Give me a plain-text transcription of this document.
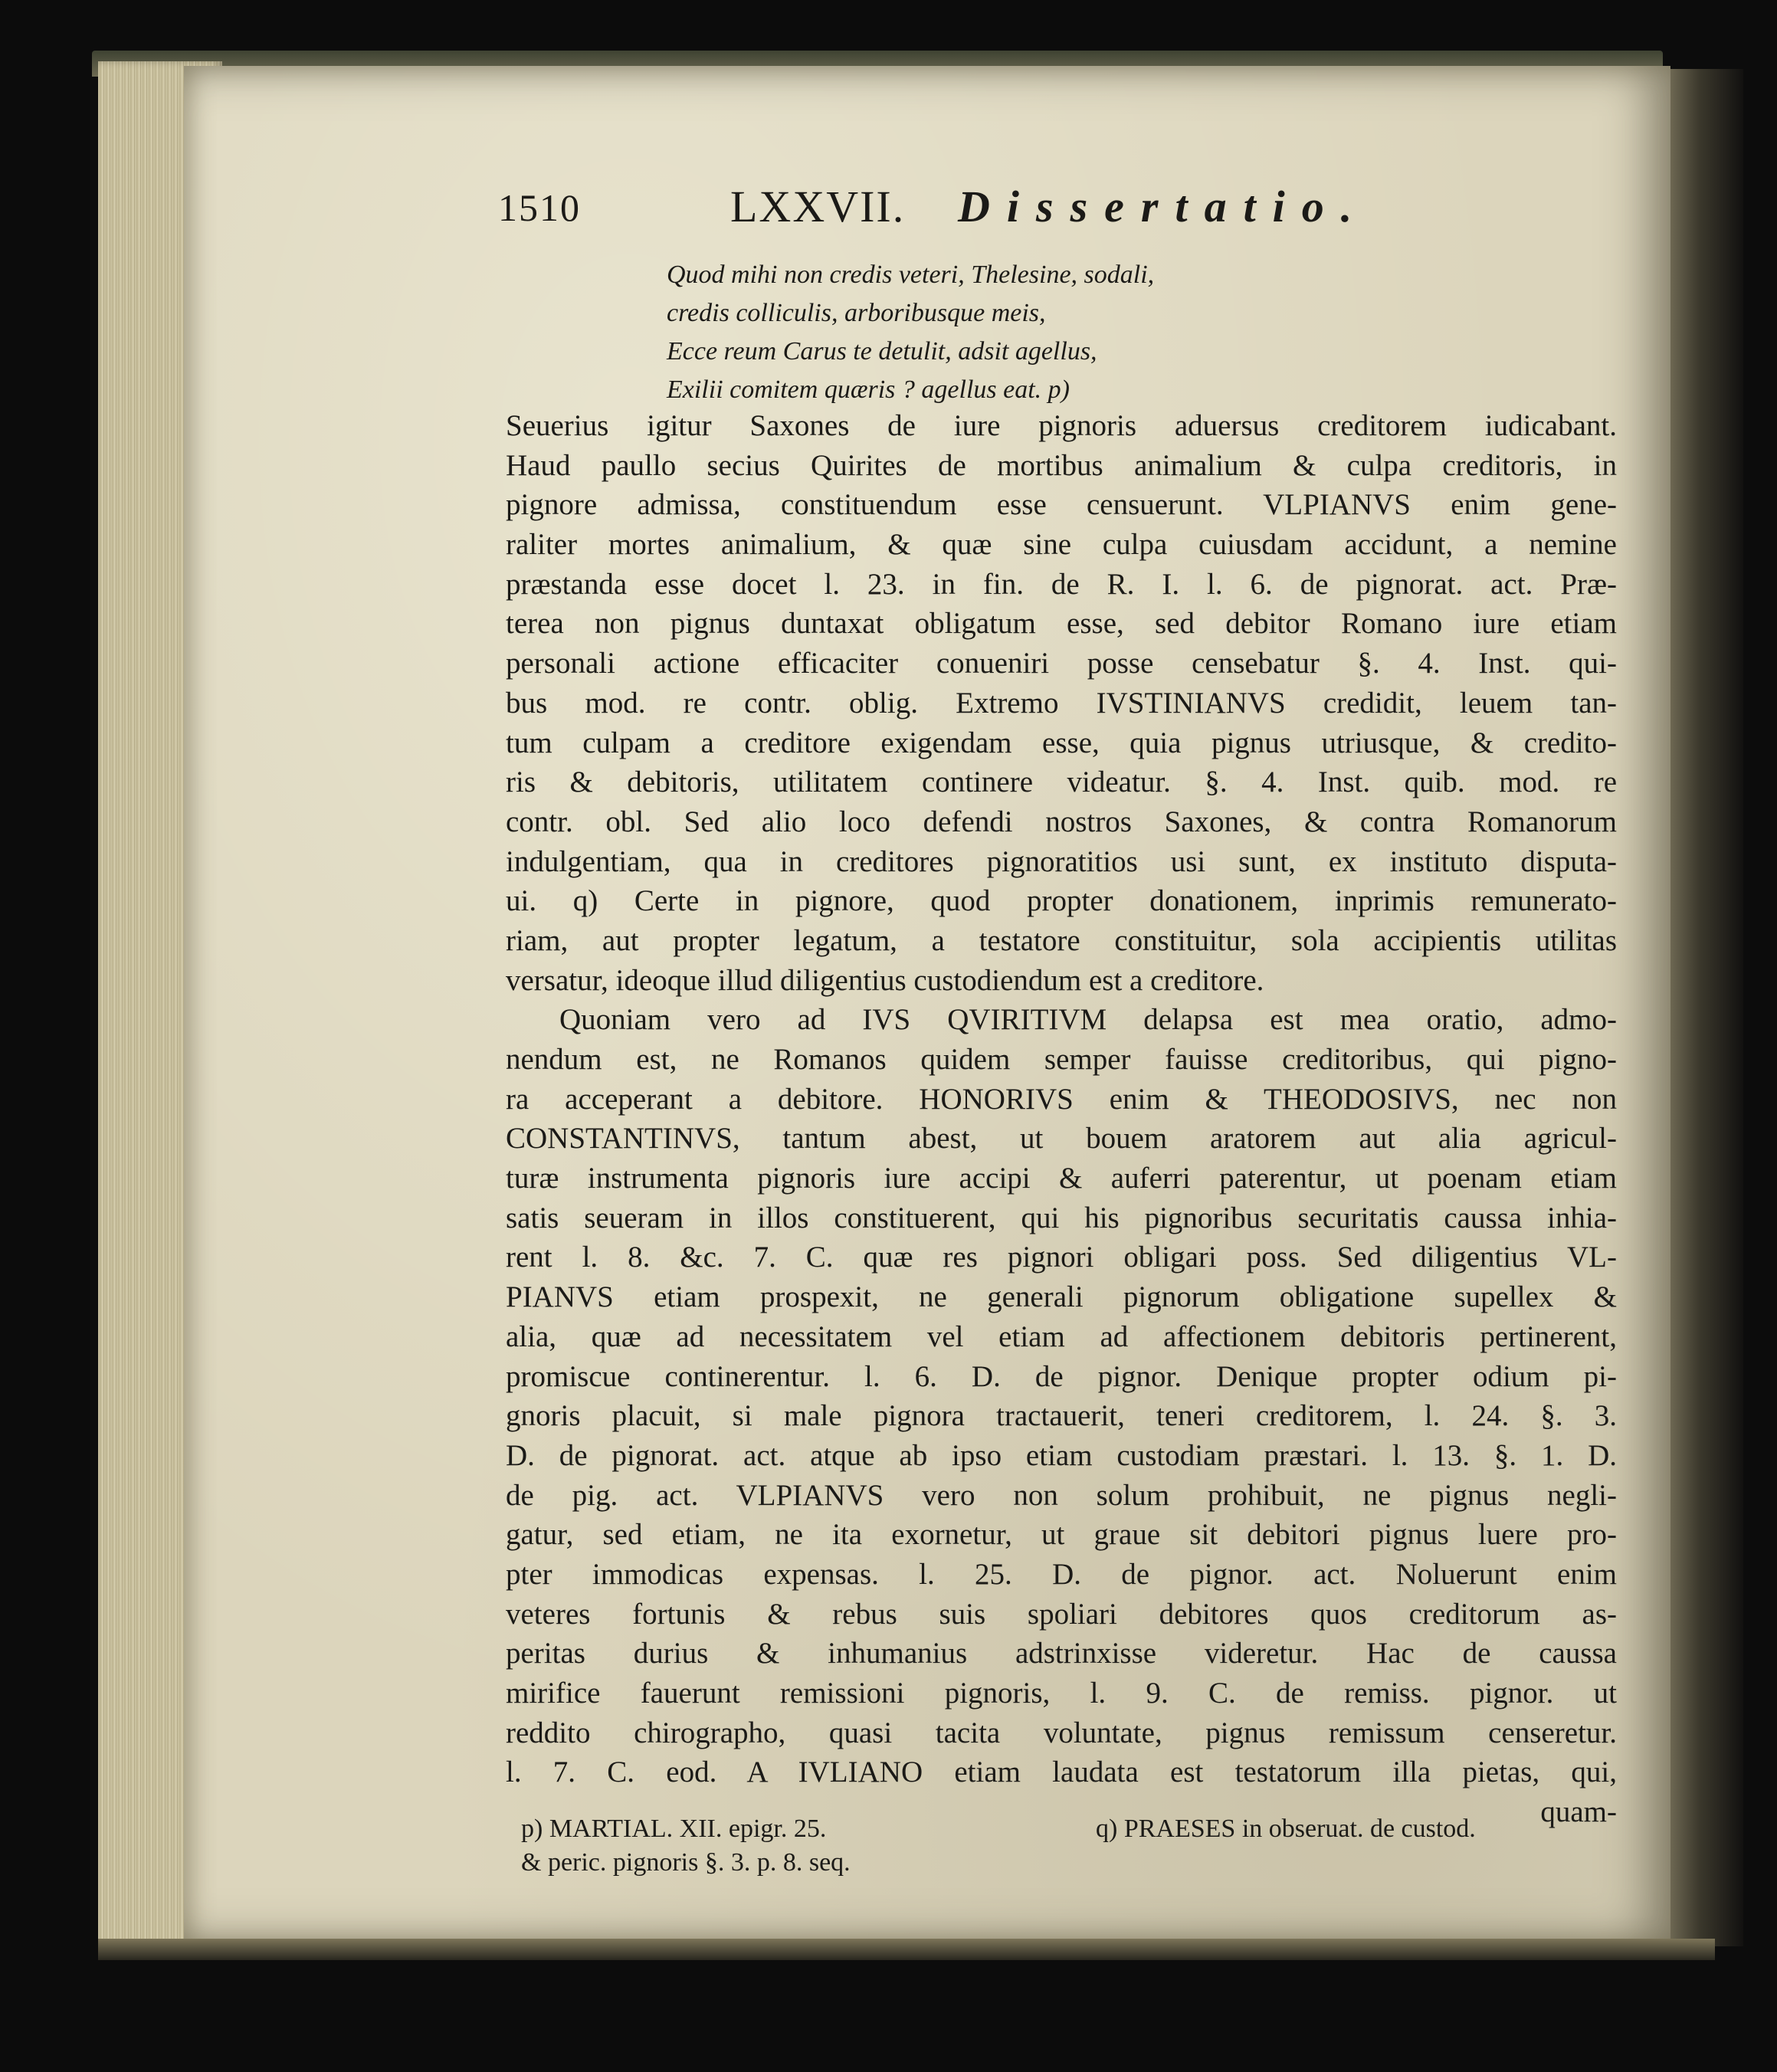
1510	LXXVII. Dissertatio.
Quod mihi non credis veteri, Thelesine, sodali,
credis colliculis, arboribusque meis,
Ecce reum Carus te detulit, adsit agellus,
Exilii comitem quæris ? agellus eat. p)
Seuerius igitur Saxones de iure pignoris aduersus creditorem iudicabant.
Haud paullo secius Quirites de mortibus animalium & culpa creditoris, in
pignore admissa, constituendum esse censuerunt. VLPIANVS enim gene-
raliter mortes animalium, & quæ sine culpa cuiusdam accidunt, a nemine
præstanda esse docet l. 23. in fin. de R. I. l. 6. de pignorat. act. Præ-
terea non pignus duntaxat obligatum esse, sed debitor Romano iure etiam
personali actione efficaciter conueniri posse censebatur §. 4. Inst. qui-
bus mod. re contr. oblig. Extremo IVSTINIANVS credidit, leuem tan-
tum culpam a creditore exigendam esse, quia pignus utriusque, & credito-
ris & debitoris, utilitatem continere videatur. §. 4. Inst. quib. mod. re
contr. obl. Sed alio loco defendi nostros Saxones, & contra Romanorum
indulgentiam, qua in creditores pignoratitios usi sunt, ex instituto disputa-
ui. q) Certe in pignore, quod propter donationem, inprimis remunerato-
riam, aut propter legatum, a testatore constituitur, sola accipientis utilitas
versatur, ideoque illud diligentius custodiendum est a creditore.
Quoniam vero ad IVS QVIRITIVM delapsa est mea oratio, admo-
nendum est, ne Romanos quidem semper fauisse creditoribus, qui pigno-
ra acceperant a debitore. HONORIVS enim & THEODOSIVS, nec non
CONSTANTINVS, tantum abest, ut bouem aratorem aut alia agricul-
turæ instrumenta pignoris iure accipi & auferri paterentur, ut poenam etiam
satis seueram in illos constituerent, qui his pignoribus securitatis caussa inhia-
rent l. 8. &c. 7. C. quæ res pignori obligari poss. Sed diligentius VL-
PIANVS etiam prospexit, ne generali pignorum obligatione supellex &
alia, quæ ad necessitatem vel etiam ad affectionem debitoris pertinerent,
promiscue continerentur. l. 6. D. de pignor. Denique propter odium pi-
gnoris placuit, si male pignora tractauerit, teneri creditorem, l. 24. §. 3.
D. de pignorat. act. atque ab ipso etiam custodiam præstari. l. 13. §. 1. D.
de pig. act. VLPIANVS vero non solum prohibuit, ne pignus negli-
gatur, sed etiam, ne ita exornetur, ut graue sit debitori pignus luere pro-
pter immodicas expensas. l. 25. D. de pignor. act. Noluerunt enim
veteres fortunis & rebus suis spoliari debitores quos creditorum as-
peritas durius & inhumanius adstrinxisse videretur. Hac de caussa
mirifice fauerunt remissioni pignoris, l. 9. C. de remiss. pignor. ut
reddito chirographo, quasi tacita voluntate, pignus remissum censeretur.
l. 7. C. eod. A IVLIANO etiam laudata est testatorum illa pietas, qui,
quam-
p) MARTIAL. XII. epigr. 25.	q) PRAESES in obseruat. de custod.
& peric. pignoris §. 3. p. 8. seq.
